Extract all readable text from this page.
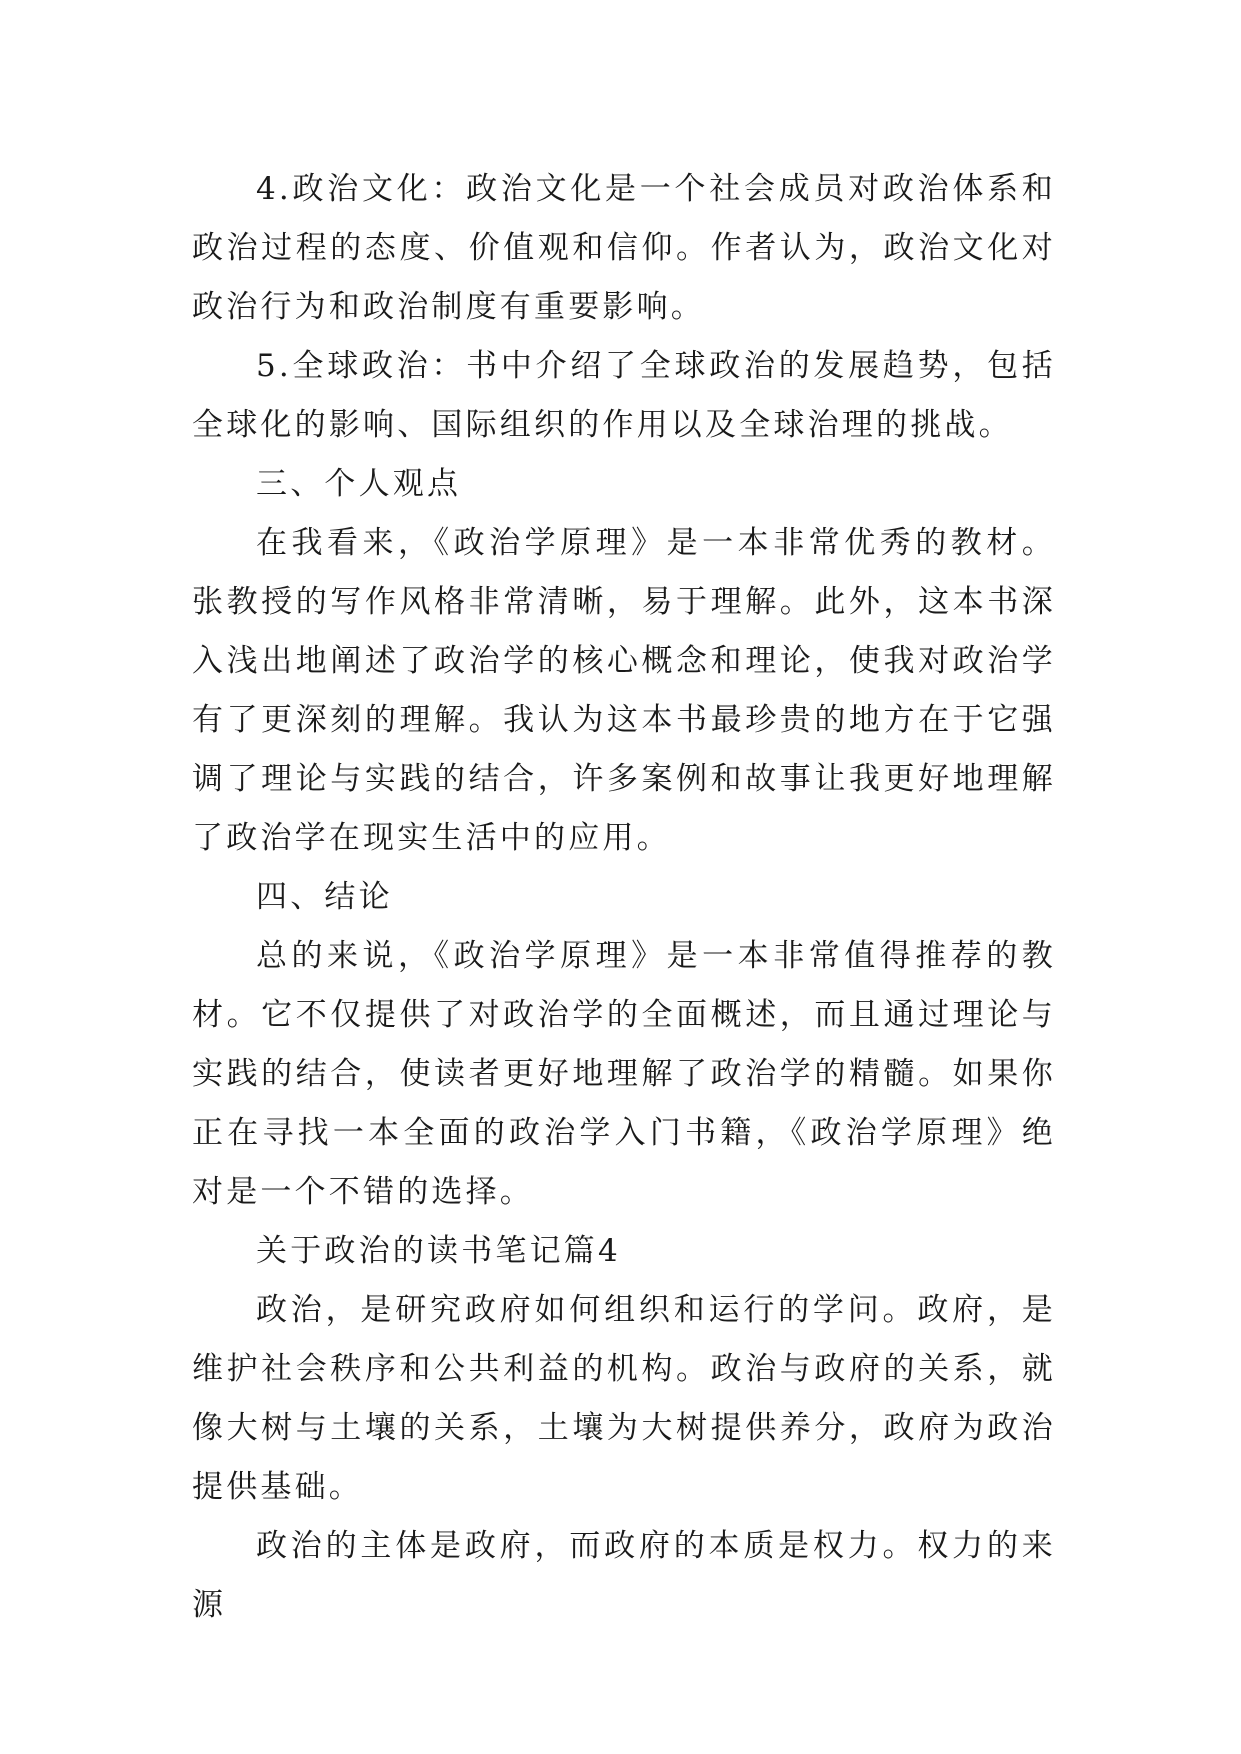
4.政治文化：政治文化是一个社会成员对政治体系和政治过程的态度、价值观和信仰。作者认为，政治文化对政治行为和政治制度有重要影响。

5.全球政治：书中介绍了全球政治的发展趋势，包括全球化的影响、国际组织的作用以及全球治理的挑战。

三、个人观点

在我看来，《政治学原理》是一本非常优秀的教材。张教授的写作风格非常清晰，易于理解。此外，这本书深入浅出地阐述了政治学的核心概念和理论，使我对政治学有了更深刻的理解。我认为这本书最珍贵的地方在于它强调了理论与实践的结合，许多案例和故事让我更好地理解了政治学在现实生活中的应用。

四、结论

总的来说，《政治学原理》是一本非常值得推荐的教材。它不仅提供了对政治学的全面概述，而且通过理论与实践的结合，使读者更好地理解了政治学的精髓。如果你正在寻找一本全面的政治学入门书籍，《政治学原理》绝对是一个不错的选择。

关于政治的读书笔记篇4

政治，是研究政府如何组织和运行的学问。政府，是维护社会秩序和公共利益的机构。政治与政府的关系，就像大树与土壤的关系，土壤为大树提供养分，政府为政治提供基础。

政治的主体是政府，而政府的本质是权力。权力的来源
